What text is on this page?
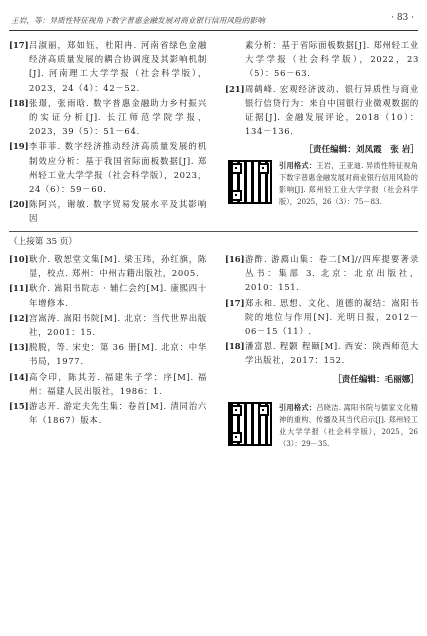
王岩，等：异质性特征视角下数字普惠金融发展对商业银行信用风险的影响	· 83 ·
[17] 吕淑丽，郑如钰，杜阳冉. 河南省绿色金融经济高质量发展的耦合协调度及其影响机制[J]. 河南理工大学学报（社会科学版），2023，24（4）：42－52.
[18] 张璟，张雨晗. 数字普惠金融助力乡村振兴的实证分析[J]. 长江师范学院学报，2023，39（5）：51－64.
[19] 李菲菲. 数字经济推动经济高质量发展的机制效应分析：基于我国省际面板数据[J]. 郑州轻工业大学学报（社会科学版），2023，24（6）：59－60.
[20] 陈阿兴，谢敏. 数字贸易发展水平及其影响因
素分析：基于省际面板数据[J]. 郑州轻工业大学学报（社会科学版），2022，23（5）：56－63.
[21] 周鹤峰. 宏观经济波动、银行异质性与商业银行信贷行为：来自中国银行业微观数据的证据[J]. 金融发展评论，2018（10）：134－136.
［责任编辑：刘凤霞　张 岩］
引用格式：王岩，王亚迪. 异质性特征视角下数字普惠金融发展对商业银行信用风险的影响[J]. 郑州轻工业大学学报（社会科学版），2025，26（3）：75－83.
（上接第 35 页）
[10] 耿介. 敬恕堂文集[M]. 梁玉玮，孙红旗，陈显，校点. 郑州：中州古籍出版社，2005.
[11] 耿介. 嵩阳书院志 · 辅仁会约[M]. 康熙四十年增修本.
[12] 宫嵩涛. 嵩阳书院[M]. 北京：当代世界出版社，2001：15.
[13] 脱脱，等. 宋史：第 36 册[M]. 北京：中华书局，1977.
[14] 高令印，陈其芳. 福建朱子学：序[M]. 福州：福建人民出版社，1986：1.
[15] 游志开. 游定夫先生集：卷首[M]. 清同治六年（1867）版本.
[16] 游酢. 游廌山集：卷二[M]//四库提要著录丛书：集部 3. 北京：北京出版社，2010：151.
[17] 郑永和. 思想、文化、道德的凝结：嵩阳书院的地位与作用[N]. 光明日报，2012－06－15（11）.
[18] 潘富恩. 程颢 程颐[M]. 西安：陕西师范大学出版社，2017：152.
［责任编辑：毛丽娜］
引用格式：吕晓洁. 嵩阳书院与儒家文化精神的重构、传播及其当代启示[J]. 郑州轻工业大学学报（社会科学版），2025，26（3）：29－35.
